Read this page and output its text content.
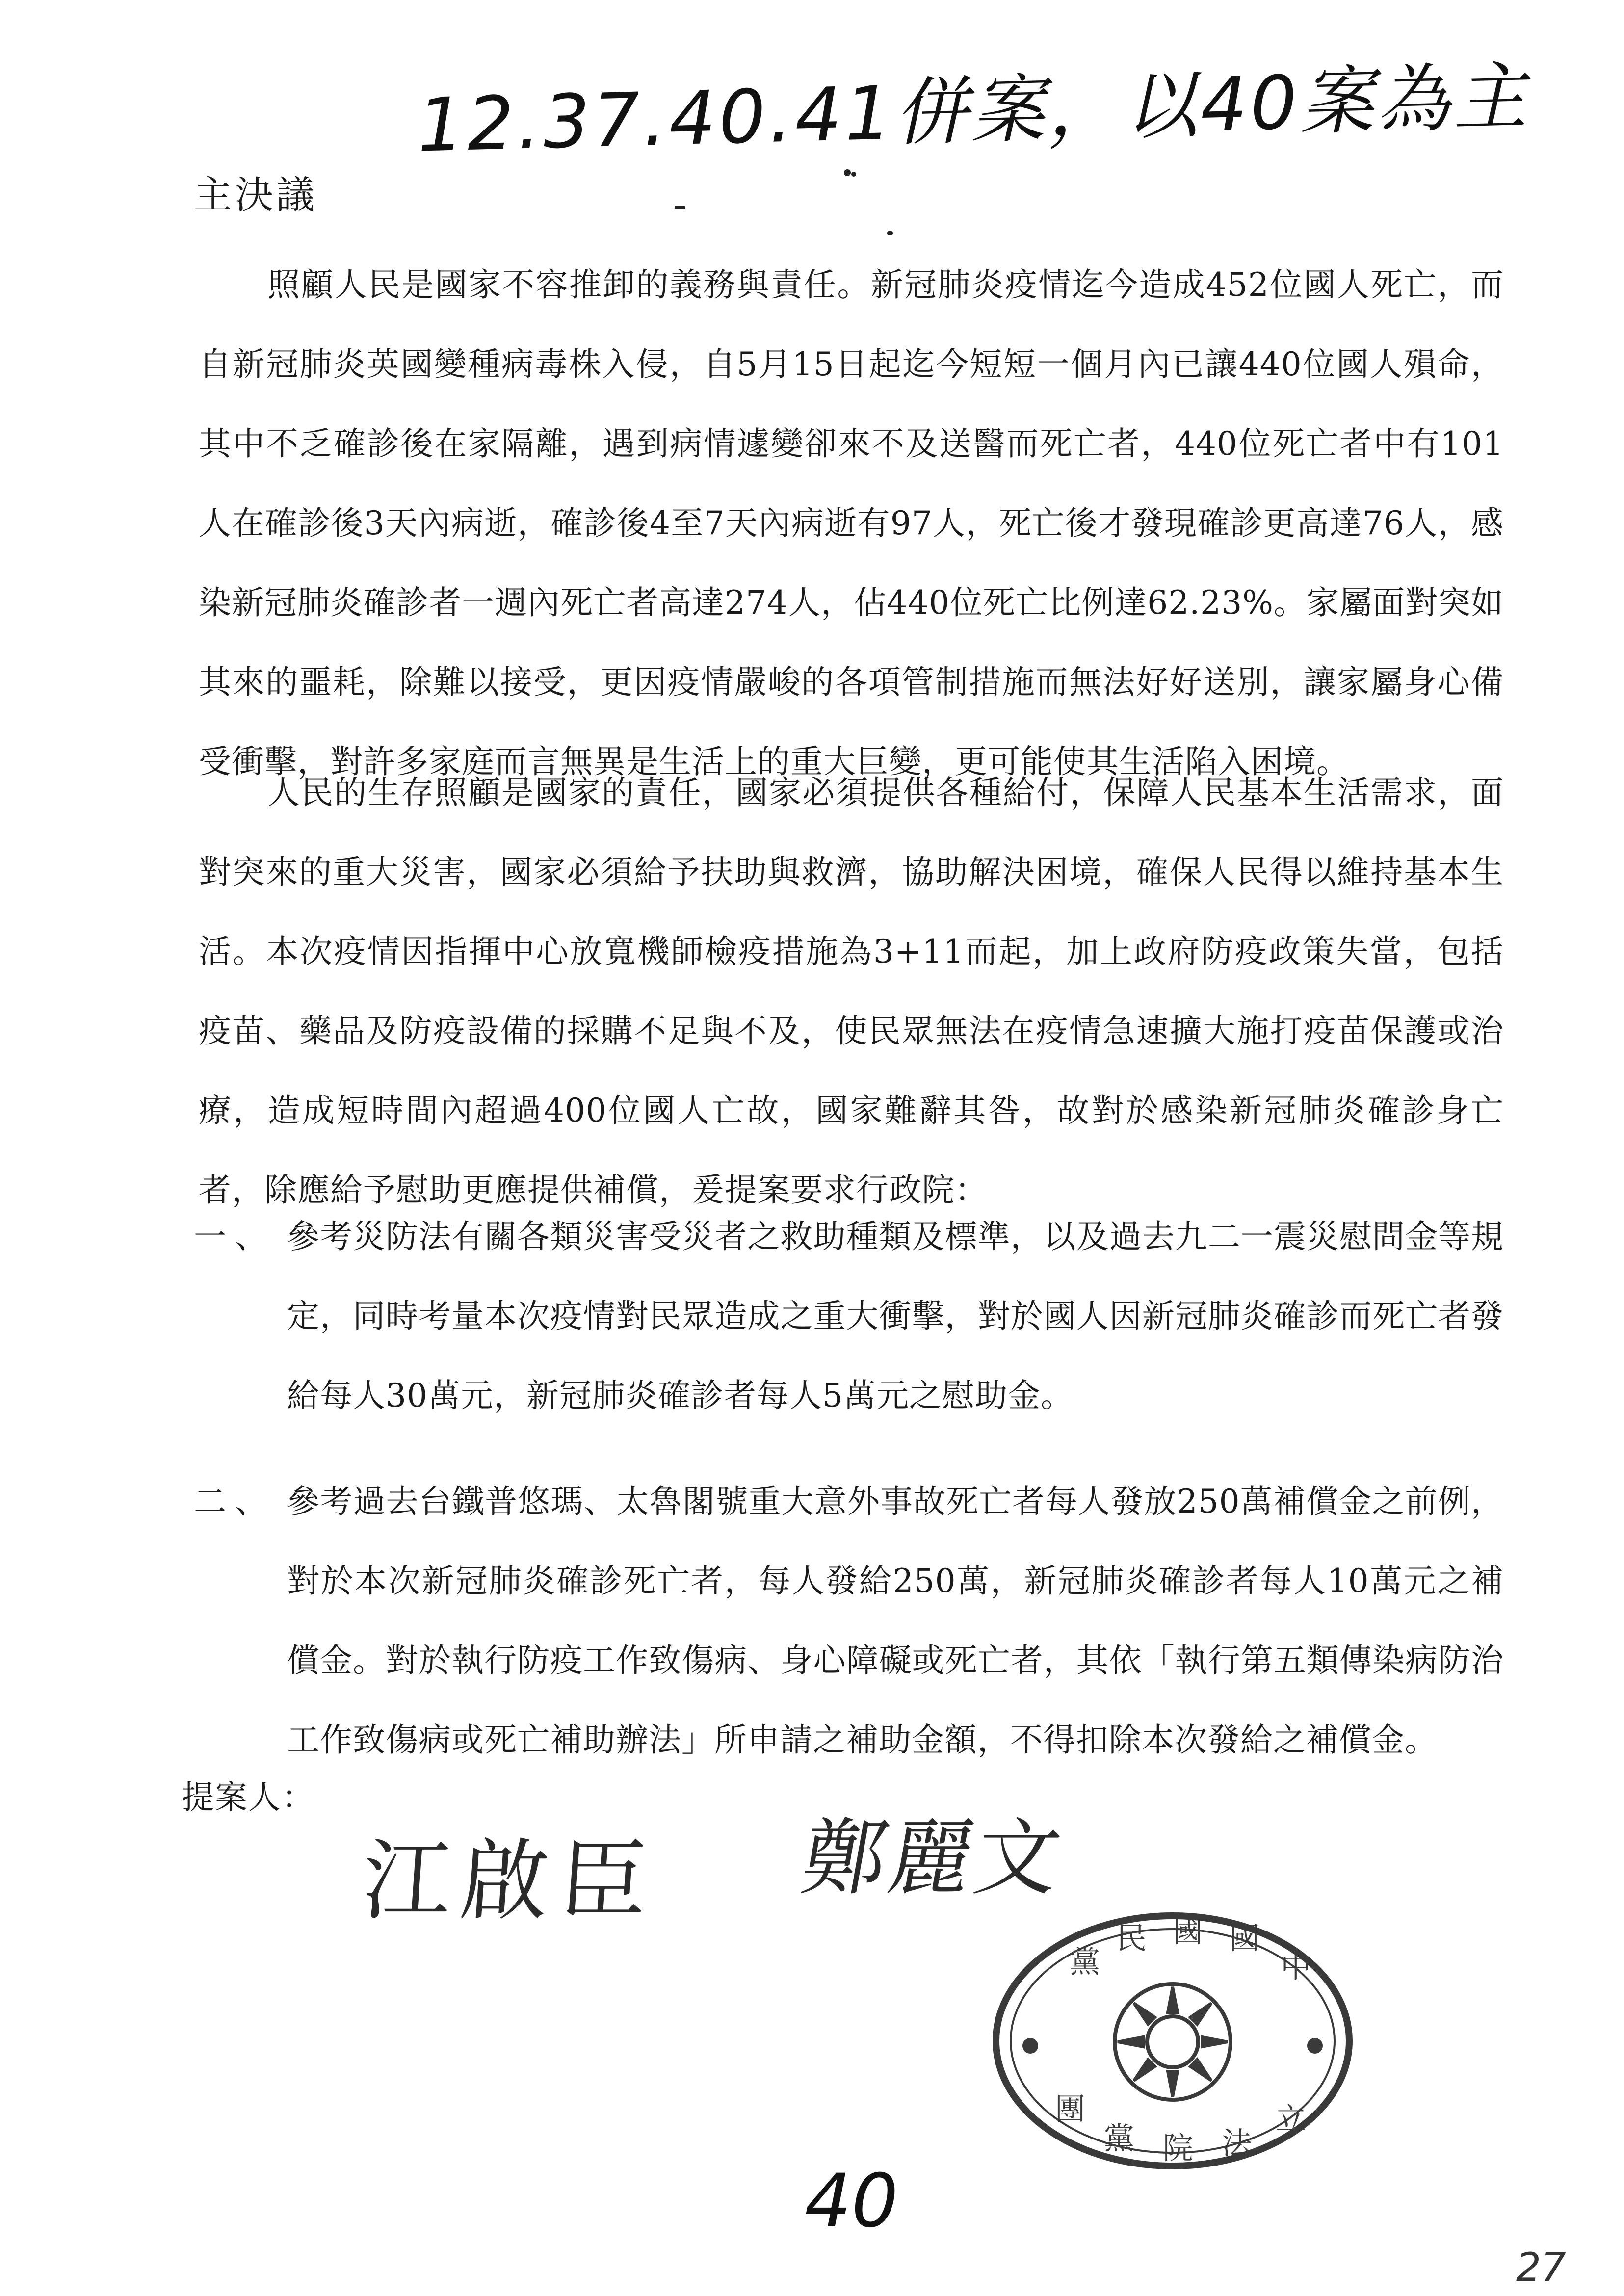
12.37.40.41併案，以40案為主
主決議

照顧人民是國家不容推卸的義務與責任。新冠肺炎疫情迄今造成452位國人死亡，而自新冠肺炎英國變種病毒株入侵，自5月15日起迄今短短一個月內已讓440位國人殞命，其中不乏確診後在家隔離，遇到病情遽變卻來不及送醫而死亡者，440位死亡者中有101人在確診後3天內病逝，確診後4至7天內病逝有97人，死亡後才發現確診更高達76人，感染新冠肺炎確診者一週內死亡者高達274人，佔440位死亡比例達62.23%。家屬面對突如其來的噩耗，除難以接受，更因疫情嚴峻的各項管制措施而無法好好送別，讓家屬身心備受衝擊，對許多家庭而言無異是生活上的重大巨變，更可能使其生活陷入困境。

人民的生存照顧是國家的責任，國家必須提供各種給付，保障人民基本生活需求，面對突來的重大災害，國家必須給予扶助與救濟，協助解決困境，確保人民得以維持基本生活。本次疫情因指揮中心放寬機師檢疫措施為3+11而起，加上政府防疫政策失當，包括疫苗、藥品及防疫設備的採購不足與不及，使民眾無法在疫情急速擴大施打疫苗保護或治療，造成短時間內超過400位國人亡故，國家難辭其咎，故對於感染新冠肺炎確診身亡者，除應給予慰助更應提供補償，爰提案要求行政院：

一、 參考災防法有關各類災害受災者之救助種類及標準，以及過去九二一震災慰問金等規定，同時考量本次疫情對民眾造成之重大衝擊，對於國人因新冠肺炎確診而死亡者發給每人30萬元，新冠肺炎確診者每人5萬元之慰助金。

二、 參考過去台鐵普悠瑪、太魯閣號重大意外事故死亡者每人發放250萬補償金之前例，對於本次新冠肺炎確診死亡者，每人發給250萬，新冠肺炎確診者每人10萬元之補償金。對於執行防疫工作致傷病、身心障礙或死亡者，其依「執行第五類傳染病防治工作致傷病或死亡補助辦法」所申請之補助金額，不得扣除本次發給之補償金。

提案人：
江啟臣 鄭麗文
黨
民 國 國
中
立
法
院
黨
團
40
27
